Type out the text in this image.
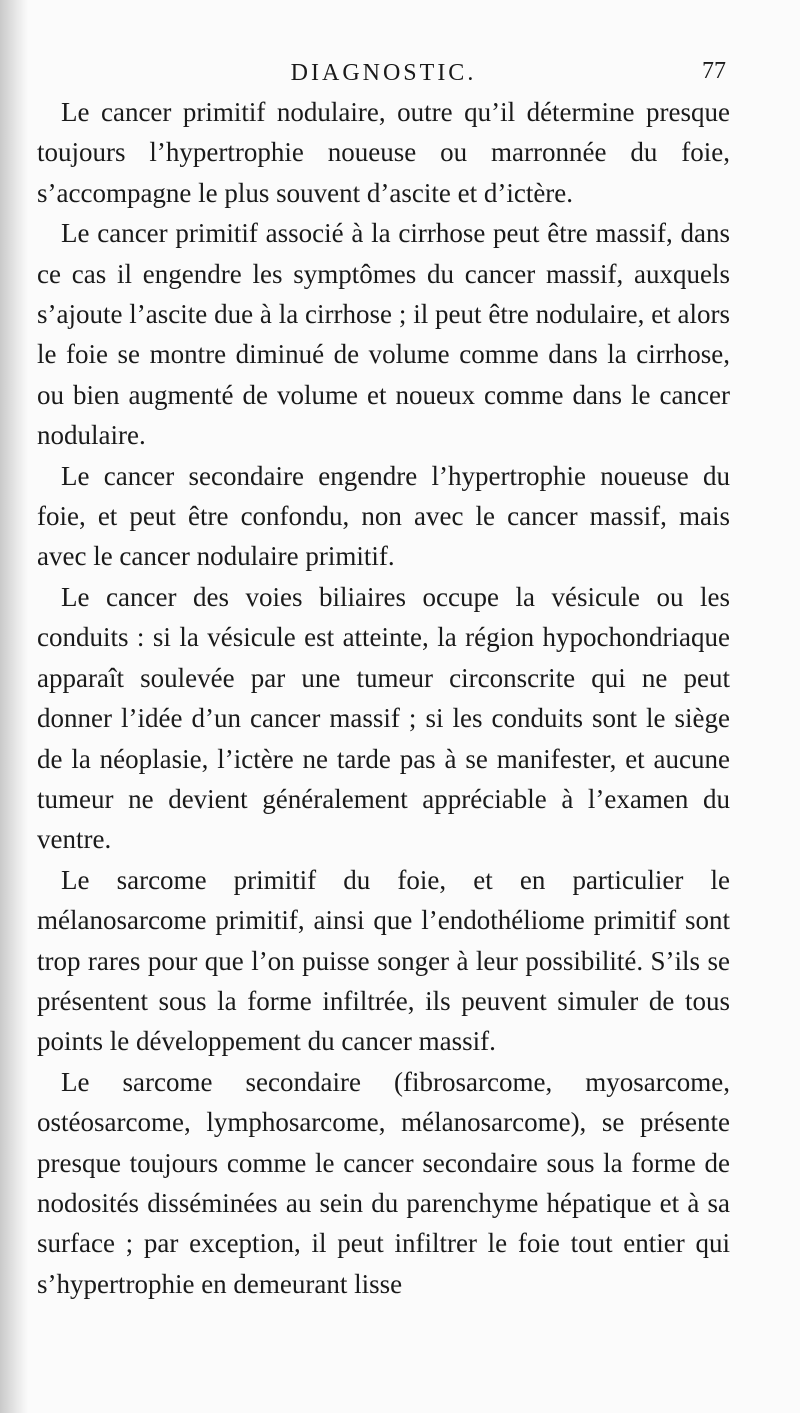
DIAGNOSTIC.	77

Le cancer primitif nodulaire, outre qu’il détermine presque toujours l’hypertrophie noueuse ou marronnée du foie, s’accompagne le plus souvent d’ascite et d’ictère.

Le cancer primitif associé à la cirrhose peut être massif, dans ce cas il engendre les symptômes du cancer massif, auxquels s’ajoute l’ascite due à la cirrhose ; il peut être nodulaire, et alors le foie se montre diminué de volume comme dans la cirrhose, ou bien augmenté de volume et noueux comme dans le cancer nodulaire.

Le cancer secondaire engendre l’hypertrophie noueuse du foie, et peut être confondu, non avec le cancer massif, mais avec le cancer nodulaire primitif.

Le cancer des voies biliaires occupe la vésicule ou les conduits : si la vésicule est atteinte, la région hypochondriaque apparaît soulevée par une tumeur circonscrite qui ne peut donner l’idée d’un cancer massif ; si les conduits sont le siège de la néoplasie, l’ictère ne tarde pas à se manifester, et aucune tumeur ne devient généralement appréciable à l’examen du ventre.

Le sarcome primitif du foie, et en particulier le mélanosarcome primitif, ainsi que l’endothéliome primitif sont trop rares pour que l’on puisse songer à leur possibilité. S’ils se présentent sous la forme infiltrée, ils peuvent simuler de tous points le développement du cancer massif.

Le sarcome secondaire (fibrosarcome, myosarcome, ostéosarcome, lymphosarcome, mélanosarcome), se présente presque toujours comme le cancer secondaire sous la forme de nodosités disséminées au sein du parenchyme hépatique et à sa surface ; par exception, il peut infiltrer le foie tout entier qui s’hypertrophie en demeurant lisse
